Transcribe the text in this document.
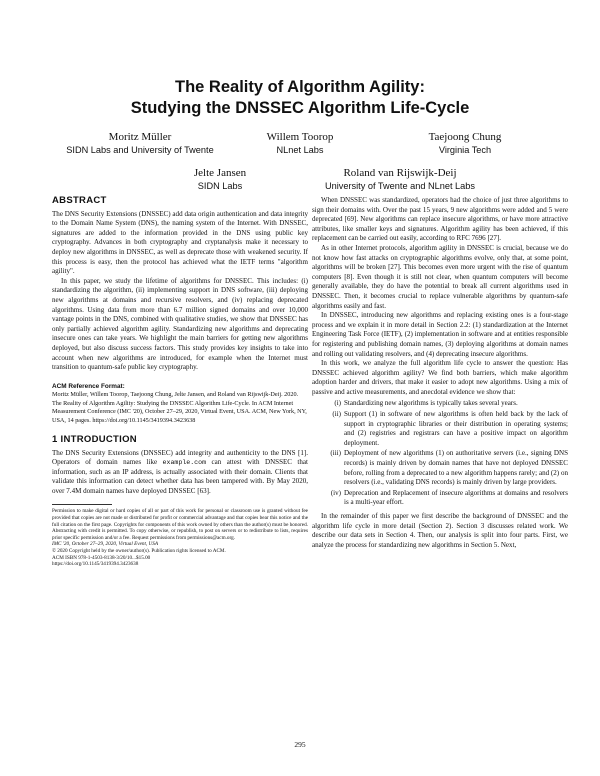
The Reality of Algorithm Agility:
Studying the DNSSEC Algorithm Life-Cycle
Moritz Müller
SIDN Labs and University of Twente
Willem Toorop
NLnet Labs
Taejoong Chung
Virginia Tech
Jelte Jansen
SIDN Labs
Roland van Rijswijk-Deij
University of Twente and NLnet Labs
ABSTRACT

The DNS Security Extensions (DNSSEC) add data origin authentication and data integrity to the Domain Name System (DNS), the naming system of the Internet. With DNSSEC, signatures are added to the information provided in the DNS using public key cryptography. Advances in both cryptography and cryptanalysis make it necessary to deploy new algorithms in DNSSEC, as well as deprecate those with weakened security. If this process is easy, then the protocol has achieved what the IETF terms "algorithm agility".

In this paper, we study the lifetime of algorithms for DNSSEC. This includes: (i) standardizing the algorithm, (ii) implementing support in DNS software, (iii) deploying new algorithms at domains and recursive resolvers, and (iv) replacing deprecated algorithms. Using data from more than 6.7 million signed domains and over 10,000 vantage points in the DNS, combined with qualitative studies, we show that DNSSEC has only partially achieved algorithm agility. Standardizing new algorithms and deprecating insecure ones can take years. We highlight the main barriers for getting new algorithms deployed, but also discuss success factors. This study provides key insights to take into account when new algorithms are introduced, for example when the Internet must transition to quantum-safe public key cryptography.

ACM Reference Format:
Moritz Müller, Willem Toorop, Taejoong Chung, Jelte Jansen, and Roland van Rijswijk-Deij. 2020. The Reality of Algorithm Agility: Studying the DNSSEC Algorithm Life-Cycle. In ACM Internet Measurement Conference (IMC '20), October 27–29, 2020, Virtual Event, USA. ACM, New York, NY, USA, 14 pages. https://doi.org/10.1145/3419394.3423638
1 INTRODUCTION

The DNS Security Extensions (DNSSEC) add integrity and authenticity to the DNS [1]. Operators of domain names like example.com can attest with DNSSEC that information, such as an IP address, is actually associated with their domain. Clients that validate this information can detect whether data has been tampered with. By May 2020, over 7.4M domain names have deployed DNSSEC [63].

Permission to make digital or hard copies of all or part of this work for personal or classroom use is granted without fee provided that copies are not made or distributed for profit or commercial advantage and that copies bear this notice and the full citation on the first page. Copyrights for components of this work owned by others than the author(s) must be honored. Abstracting with credit is permitted. To copy otherwise, or republish, to post on servers or to redistribute to lists, requires prior specific permission and/or a fee. Request permissions from permissions@acm.org.
IMC '20, October 27–29, 2020, Virtual Event, USA
© 2020 Copyright held by the owner/author(s). Publication rights licensed to ACM.
ACM ISBN 978-1-4503-8138-3/20/10...$15.00
https://doi.org/10.1145/3419394.3423638

When DNSSEC was standardized, operators had the choice of just three algorithms to sign their domains with. Over the past 15 years, 9 new algorithms were added and 5 were deprecated [69]. New algorithms can replace insecure algorithms, or have more attractive attributes, like smaller keys and signatures. Algorithm agility has been achieved, if this replacement can be carried out easily, according to RFC 7696 [27].

As in other Internet protocols, algorithm agility in DNSSEC is crucial, because we do not know how fast attacks on cryptographic algorithms evolve, only that, at some point, algorithms will be broken [27]. This becomes even more urgent with the rise of quantum computers [8]. Even though it is still not clear, when quantum computers will become generally available, they do have the potential to break all current algorithms used in DNSSEC. Then, it becomes crucial to replace vulnerable algorithms by quantum-safe algorithms easily and fast.

In DNSSEC, introducing new algorithms and replacing existing ones is a four-stage process and we explain it in more detail in Section 2.2: (1) standardization at the Internet Engineering Task Force (IETF), (2) implementation in software and at entities responsible for registering and publishing domain names, (3) deploying algorithms at domain names and rolling out validating resolvers, and (4) deprecating insecure algorithms.

In this work, we analyze the full algorithm life cycle to answer the question: Has DNSSEC achieved algorithm agility? We find both barriers, which make algorithm adoption harder and drivers, that make it easier to adopt new algorithms. Using a mix of passive and active measurements, and anecdotal evidence we show that:

(i) Standardizing new algorithms is typically takes several years.
(ii) Support (1) in software of new algorithms is often held back by the lack of support in cryptographic libraries or their distribution in operating systems; and (2) registries and registrars can have a positive impact on algorithm deployment.
(iii) Deployment of new algorithms (1) on authoritative servers (i.e., signing DNS records) is mainly driven by domain names that have not deployed DNSSEC before, rolling from a deprecated to a new algorithm happens rarely; and (2) on resolvers (i.e., validating DNS records) is mainly driven by large providers.
(iv) Deprecation and Replacement of insecure algorithms at domains and resolvers is a multi-year effort.

In the remainder of this paper we first describe the background of DNSSEC and the algorithm life cycle in more detail (Section 2). Section 3 discusses related work. We describe our data sets in Section 4. Then, our analysis is split into four parts. First, we analyze the process for standardizing new algorithms in Section 5. Next,

295
